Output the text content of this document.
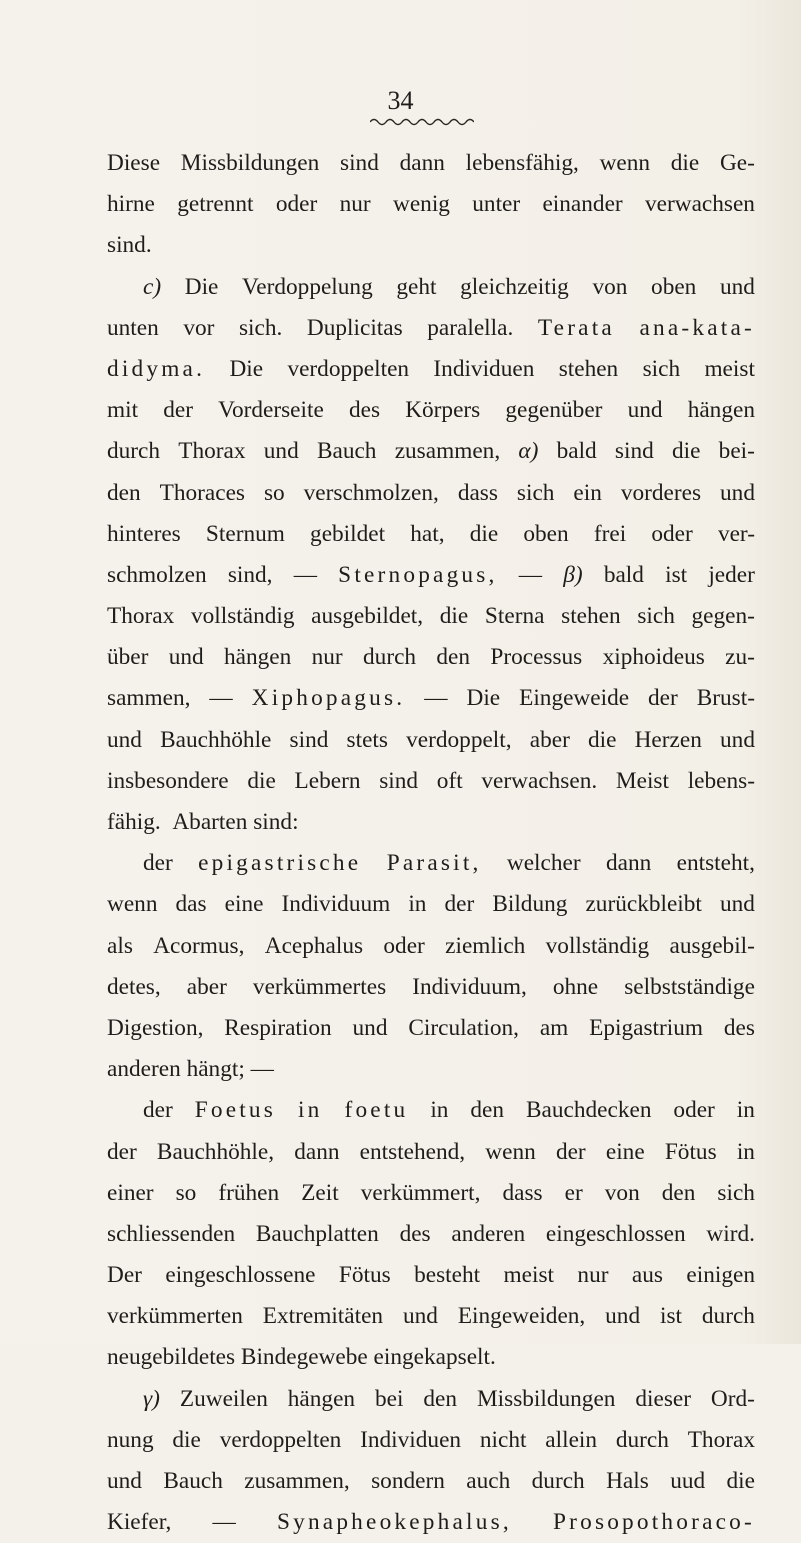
34
Diese Missbildungen sind dann lebensfähig, wenn die Ge-
hirne getrennt oder nur wenig unter einander verwachsen
sind.
c) Die Verdoppelung geht gleichzeitig von oben und
unten vor sich. Duplicitas paralella. Terata ana-kata-
didyma. Die verdoppelten Individuen stehen sich meist
mit der Vorderseite des Körpers gegenüber und hängen
durch Thorax und Bauch zusammen, α) bald sind die bei-
den Thoraces so verschmolzen, dass sich ein vorderes und
hinteres Sternum gebildet hat, die oben frei oder ver-
schmolzen sind, — Sternopagus, — β) bald ist jeder
Thorax vollständig ausgebildet, die Sterna stehen sich gegen-
über und hängen nur durch den Processus xiphoideus zu-
sammen, — Xiphopagus. — Die Eingeweide der Brust-
und Bauchhöhle sind stets verdoppelt, aber die Herzen und
insbesondere die Lebern sind oft verwachsen. Meist lebens-
fähig.
Abarten
sind:
der epigastrische Parasit, welcher dann entsteht,
wenn das eine Individuum in der Bildung zurückbleibt und
als Acormus, Acephalus oder ziemlich vollständig ausgebil-
detes, aber verkümmertes Individuum, ohne selbstständige
Digestion, Respiration und Circulation, am Epigastrium des
anderen
hängt;
—
der Foetus in foetu in den Bauchdecken oder in
der Bauchhöhle, dann entstehend, wenn der eine Fötus in
einer so frühen Zeit verkümmert, dass er von den sich
schliessenden Bauchplatten des anderen eingeschlossen wird.
Der eingeschlossene Fötus besteht meist nur aus einigen
verkümmerten Extremitäten und Eingeweiden, und ist durch
neugebildetes
Bindegewebe
eingekapselt.
γ) Zuweilen hängen bei den Missbildungen dieser Ord-
nung die verdoppelten Individuen nicht allein durch Thorax
und Bauch zusammen, sondern auch durch Hals uud die
Kiefer, — Synapheokephalus, Prosopothoraco-
